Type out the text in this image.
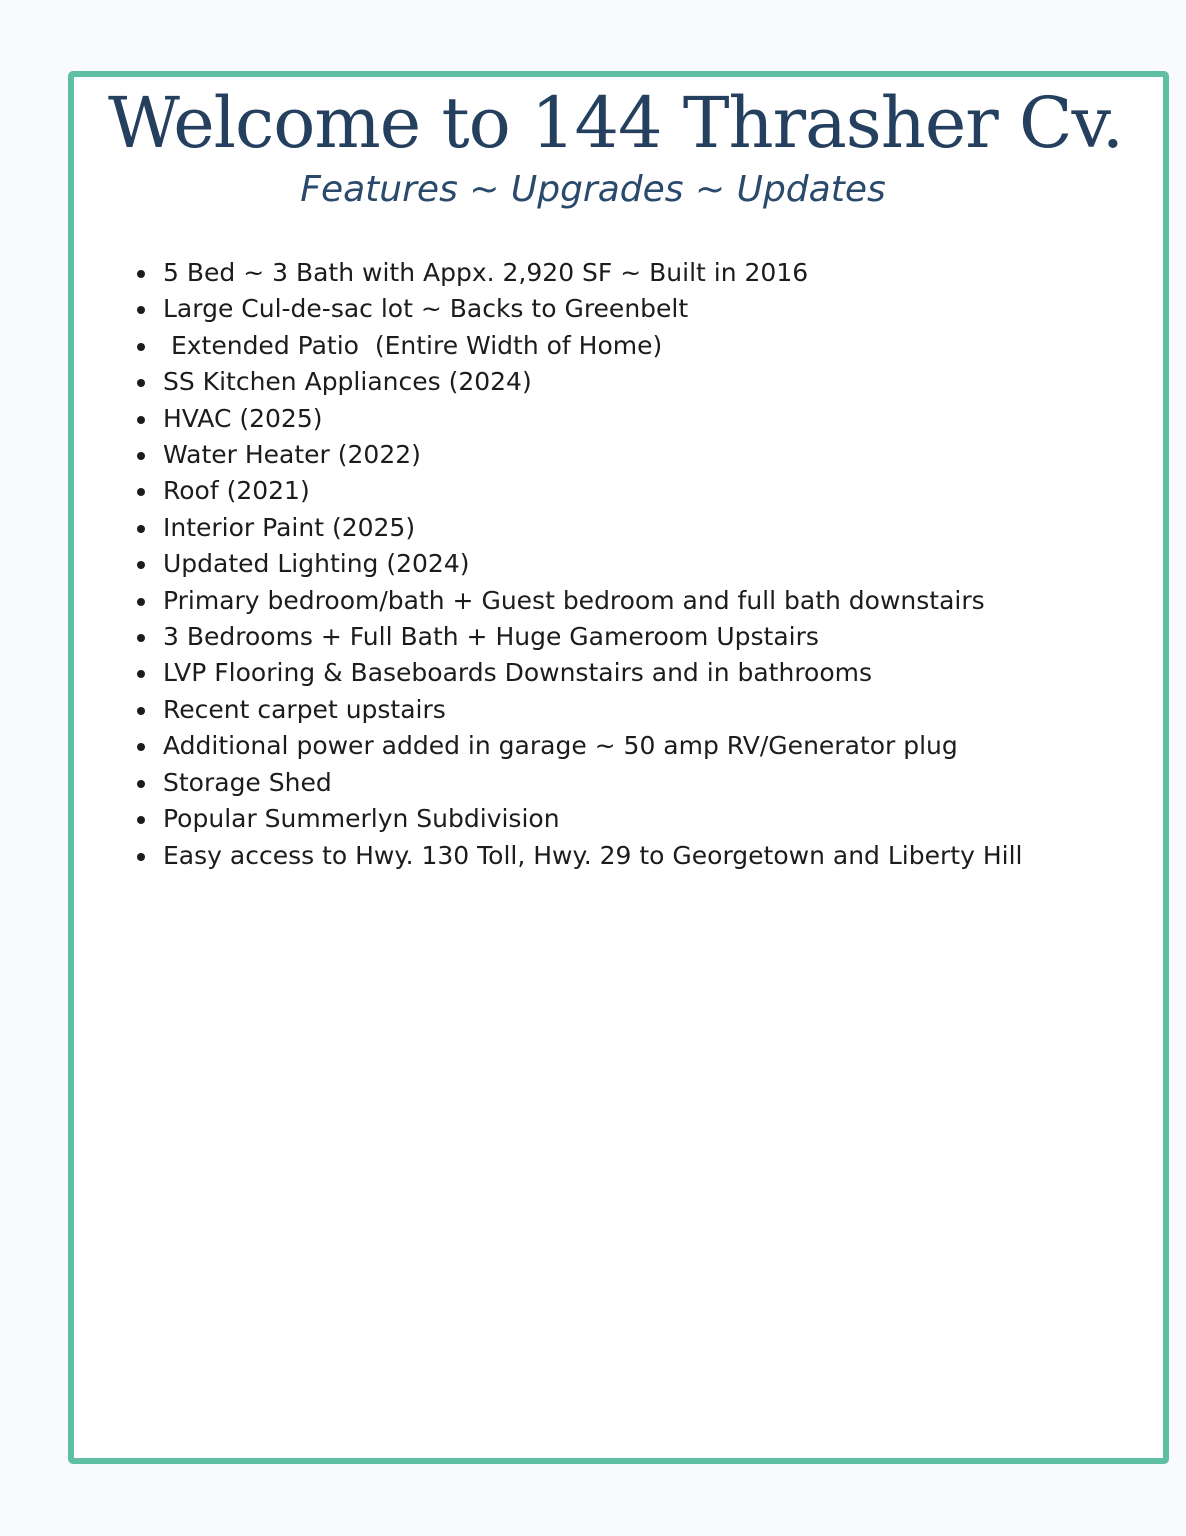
Welcome to 144 Thrasher Cv.
Features ~ Upgrades ~ Updates
5 Bed ~ 3 Bath with Appx. 2,920 SF ~ Built in 2016
Large Cul-de-sac lot ~ Backs to Greenbelt
Extended Patio  (Entire Width of Home)
SS Kitchen Appliances (2024)
HVAC (2025)
Water Heater (2022)
Roof (2021)
Interior Paint (2025)
Updated Lighting (2024)
Primary bedroom/bath + Guest bedroom and full bath downstairs
3 Bedrooms + Full Bath + Huge Gameroom Upstairs
LVP Flooring & Baseboards Downstairs and in bathrooms
Recent carpet upstairs
Additional power added in garage ~ 50 amp RV/Generator plug
Storage Shed
Popular Summerlyn Subdivision
Easy access to Hwy. 130 Toll, Hwy. 29 to Georgetown and Liberty Hill
